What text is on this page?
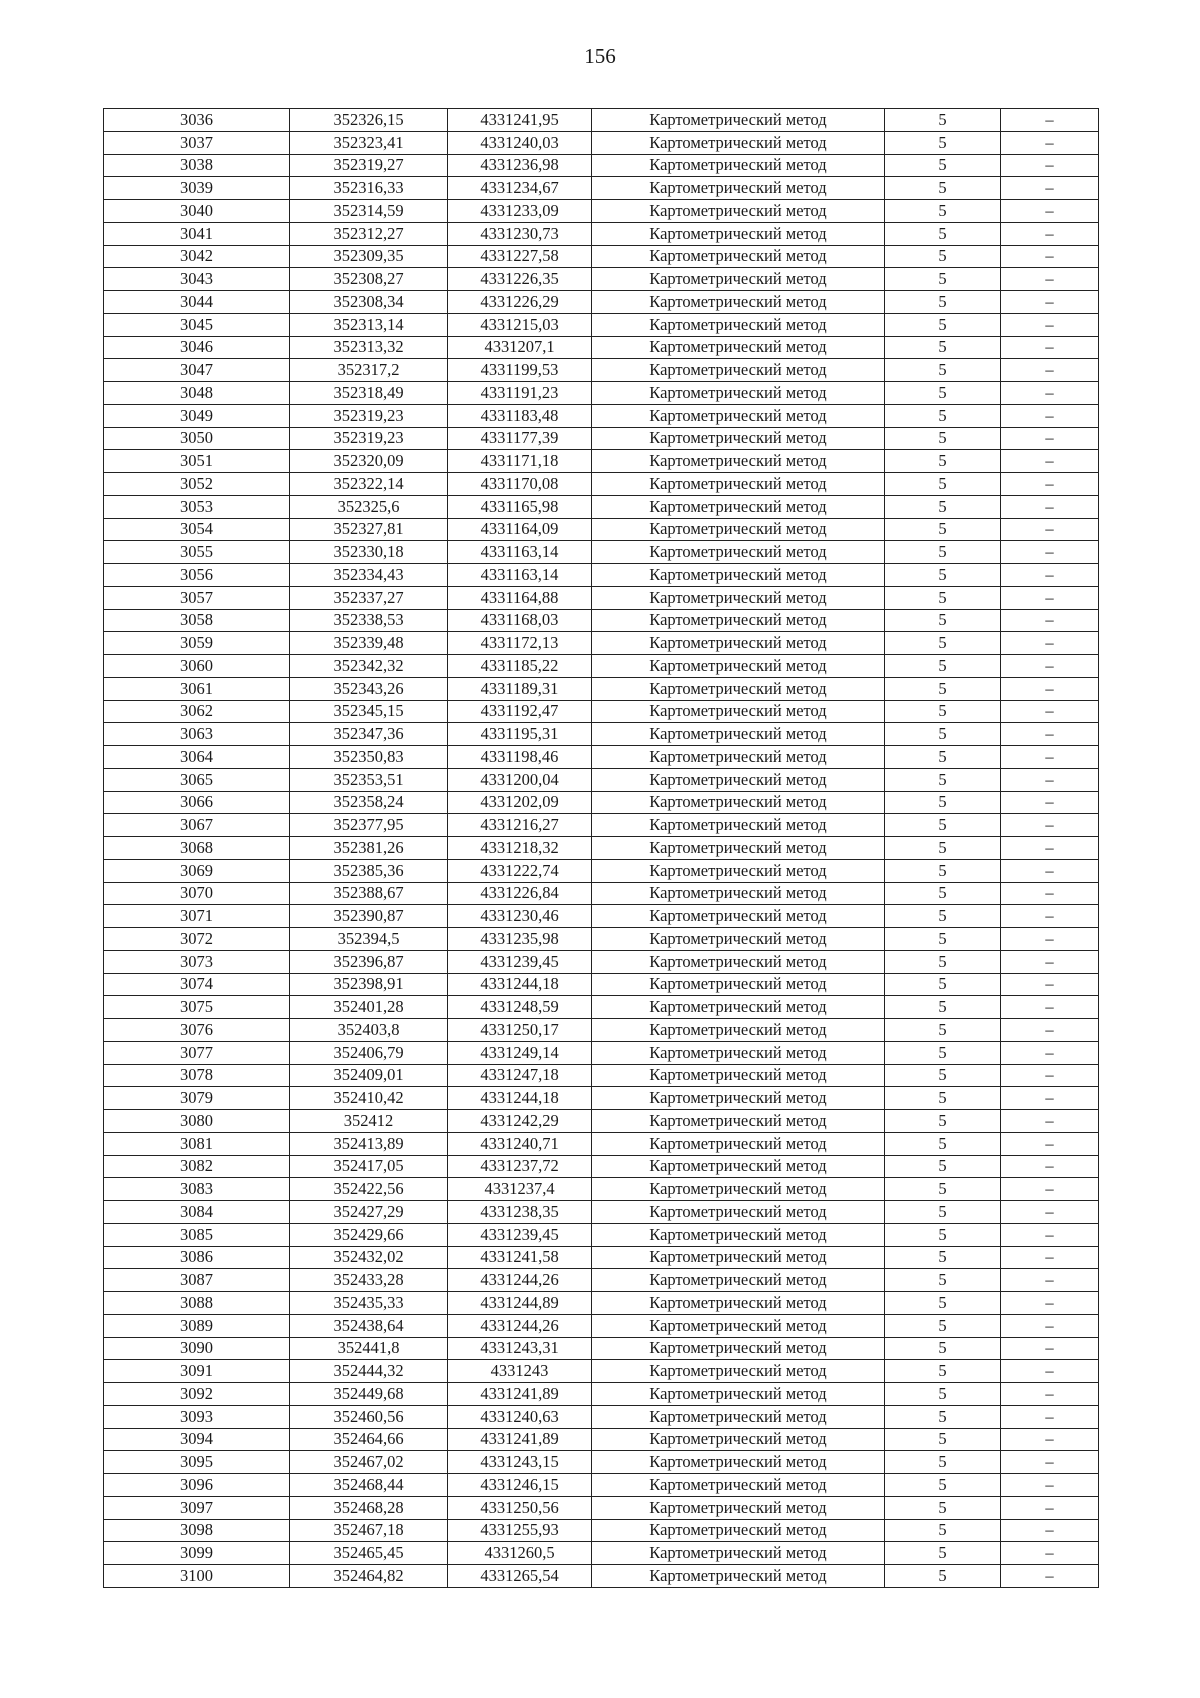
156
3036	352326,15	4331241,95	Картометрический метод	5	–
3037	352323,41	4331240,03	Картометрический метод	5	–
3038	352319,27	4331236,98	Картометрический метод	5	–
3039	352316,33	4331234,67	Картометрический метод	5	–
3040	352314,59	4331233,09	Картометрический метод	5	–
3041	352312,27	4331230,73	Картометрический метод	5	–
3042	352309,35	4331227,58	Картометрический метод	5	–
3043	352308,27	4331226,35	Картометрический метод	5	–
3044	352308,34	4331226,29	Картометрический метод	5	–
3045	352313,14	4331215,03	Картометрический метод	5	–
3046	352313,32	4331207,1	Картометрический метод	5	–
3047	352317,2	4331199,53	Картометрический метод	5	–
3048	352318,49	4331191,23	Картометрический метод	5	–
3049	352319,23	4331183,48	Картометрический метод	5	–
3050	352319,23	4331177,39	Картометрический метод	5	–
3051	352320,09	4331171,18	Картометрический метод	5	–
3052	352322,14	4331170,08	Картометрический метод	5	–
3053	352325,6	4331165,98	Картометрический метод	5	–
3054	352327,81	4331164,09	Картометрический метод	5	–
3055	352330,18	4331163,14	Картометрический метод	5	–
3056	352334,43	4331163,14	Картометрический метод	5	–
3057	352337,27	4331164,88	Картометрический метод	5	–
3058	352338,53	4331168,03	Картометрический метод	5	–
3059	352339,48	4331172,13	Картометрический метод	5	–
3060	352342,32	4331185,22	Картометрический метод	5	–
3061	352343,26	4331189,31	Картометрический метод	5	–
3062	352345,15	4331192,47	Картометрический метод	5	–
3063	352347,36	4331195,31	Картометрический метод	5	–
3064	352350,83	4331198,46	Картометрический метод	5	–
3065	352353,51	4331200,04	Картометрический метод	5	–
3066	352358,24	4331202,09	Картометрический метод	5	–
3067	352377,95	4331216,27	Картометрический метод	5	–
3068	352381,26	4331218,32	Картометрический метод	5	–
3069	352385,36	4331222,74	Картометрический метод	5	–
3070	352388,67	4331226,84	Картометрический метод	5	–
3071	352390,87	4331230,46	Картометрический метод	5	–
3072	352394,5	4331235,98	Картометрический метод	5	–
3073	352396,87	4331239,45	Картометрический метод	5	–
3074	352398,91	4331244,18	Картометрический метод	5	–
3075	352401,28	4331248,59	Картометрический метод	5	–
3076	352403,8	4331250,17	Картометрический метод	5	–
3077	352406,79	4331249,14	Картометрический метод	5	–
3078	352409,01	4331247,18	Картометрический метод	5	–
3079	352410,42	4331244,18	Картометрический метод	5	–
3080	352412	4331242,29	Картометрический метод	5	–
3081	352413,89	4331240,71	Картометрический метод	5	–
3082	352417,05	4331237,72	Картометрический метод	5	–
3083	352422,56	4331237,4	Картометрический метод	5	–
3084	352427,29	4331238,35	Картометрический метод	5	–
3085	352429,66	4331239,45	Картометрический метод	5	–
3086	352432,02	4331241,58	Картометрический метод	5	–
3087	352433,28	4331244,26	Картометрический метод	5	–
3088	352435,33	4331244,89	Картометрический метод	5	–
3089	352438,64	4331244,26	Картометрический метод	5	–
3090	352441,8	4331243,31	Картометрический метод	5	–
3091	352444,32	4331243	Картометрический метод	5	–
3092	352449,68	4331241,89	Картометрический метод	5	–
3093	352460,56	4331240,63	Картометрический метод	5	–
3094	352464,66	4331241,89	Картометрический метод	5	–
3095	352467,02	4331243,15	Картометрический метод	5	–
3096	352468,44	4331246,15	Картометрический метод	5	–
3097	352468,28	4331250,56	Картометрический метод	5	–
3098	352467,18	4331255,93	Картометрический метод	5	–
3099	352465,45	4331260,5	Картометрический метод	5	–
3100	352464,82	4331265,54	Картометрический метод	5	–
